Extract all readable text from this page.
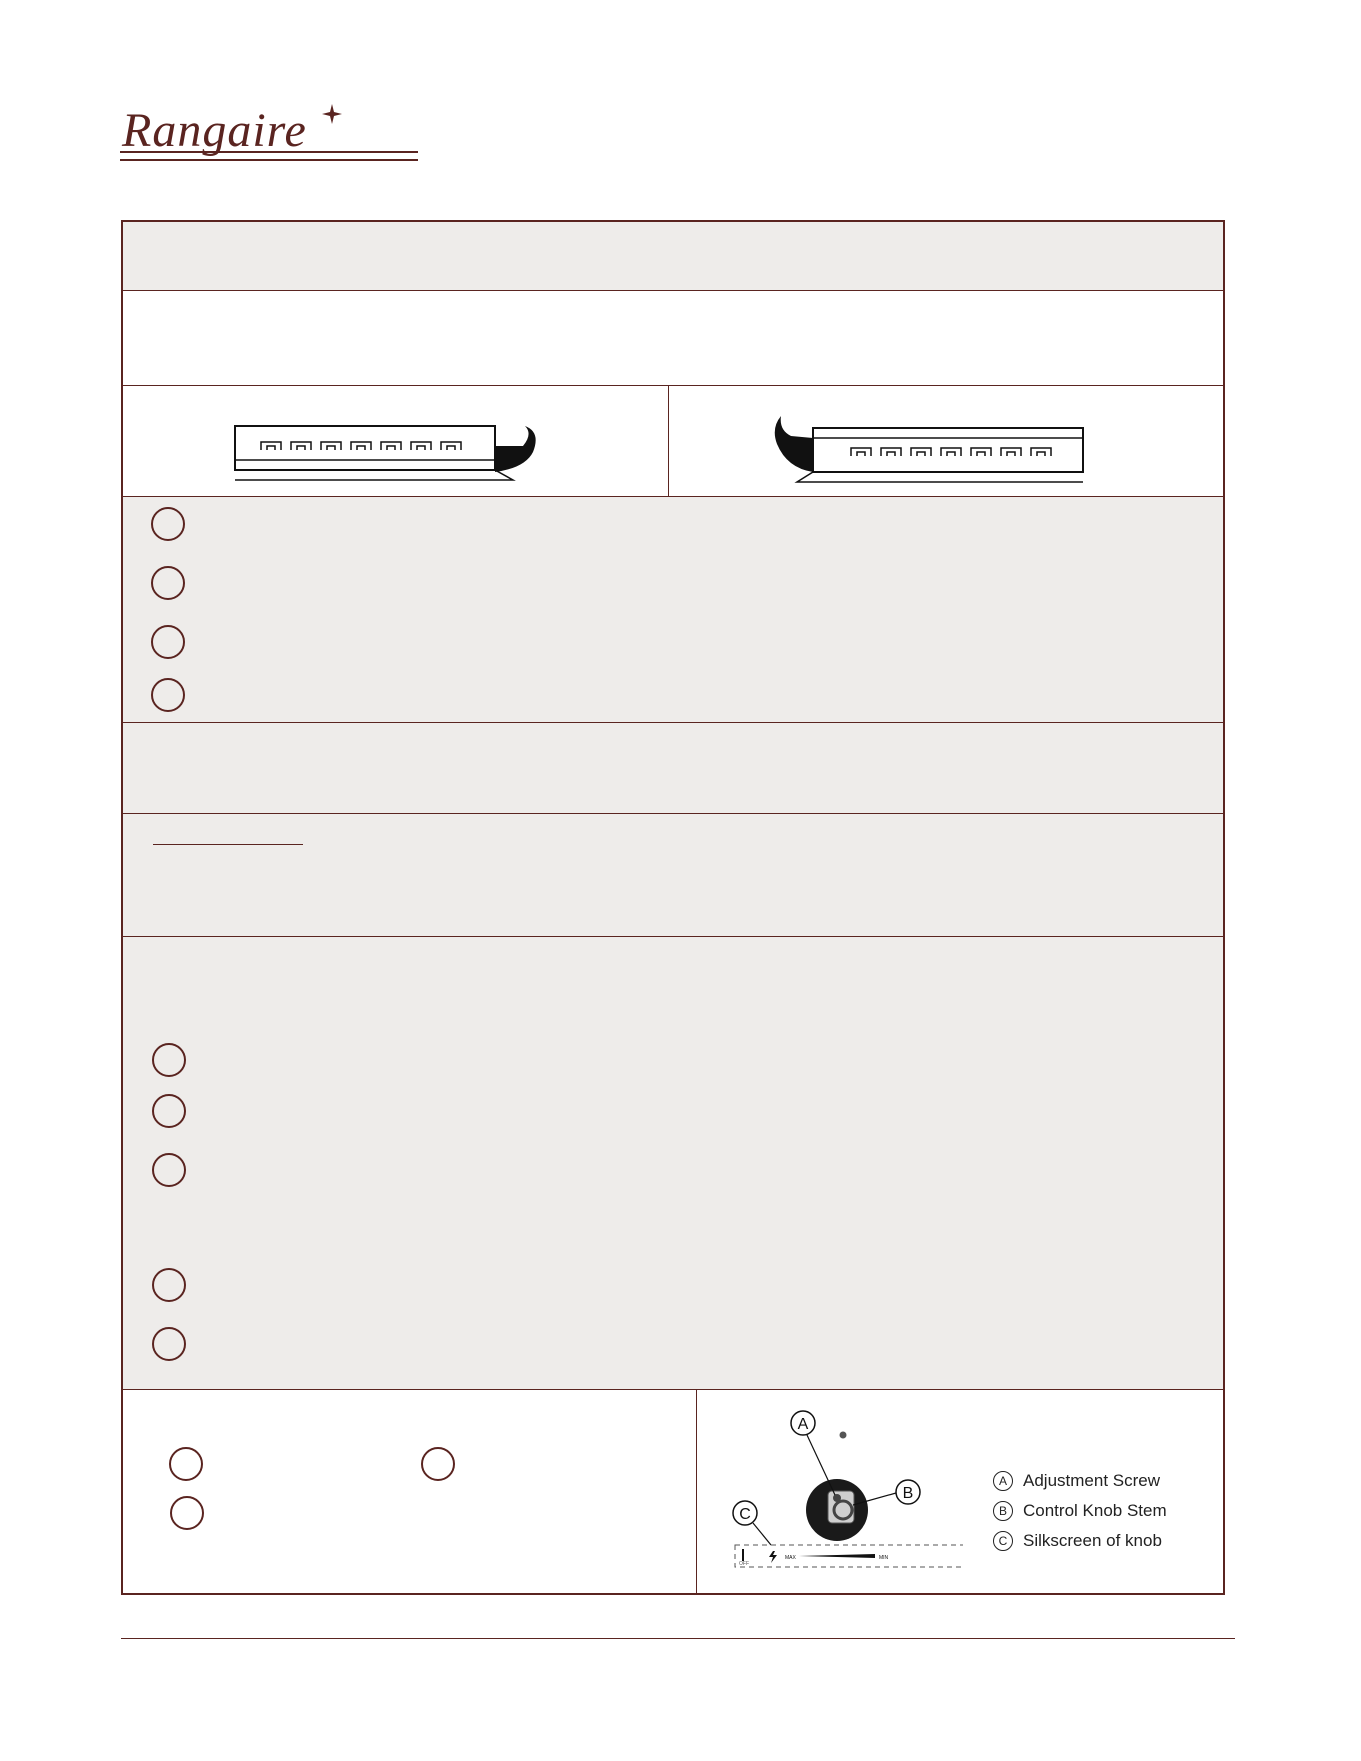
Rangaire
A
B
C
OFF
MAX	MIN
A Adjustment Screw
B Control Knob Stem
C Silkscreen of knob
